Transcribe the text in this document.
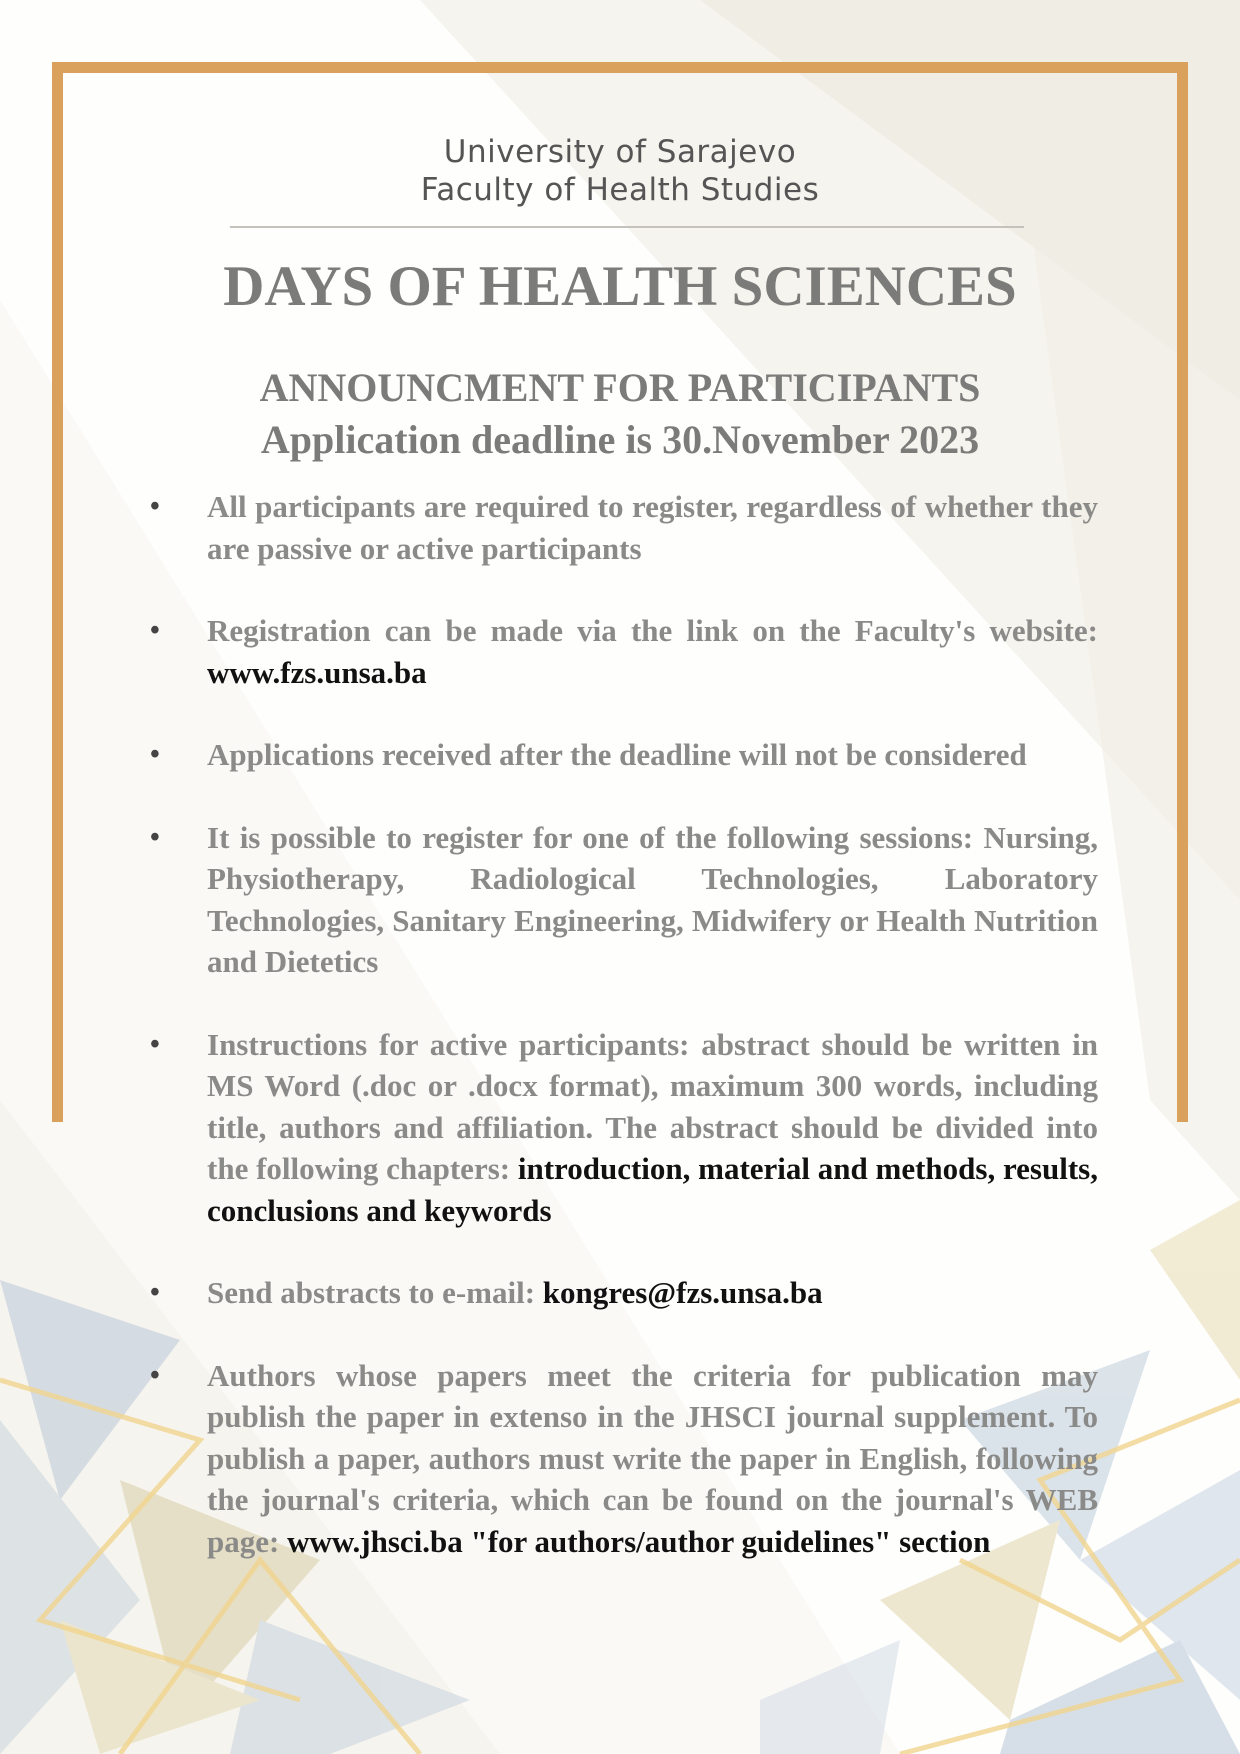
University of Sarajevo
Faculty of Health Studies
DAYS OF HEALTH SCIENCES
ANNOUNCMENT FOR PARTICIPANTS
Application deadline is 30.November 2023
• All participants are required to register, regardless of whether they are passive or active participants
• Registration can be made via the link on the Faculty's website: www.fzs.unsa.ba
• Applications received after the deadline will not be considered
• It is possible to register for one of the following sessions: Nursing, Physiotherapy, Radiological Technologies, Laboratory Technologies, Sanitary Engineering, Midwifery or Health Nutrition and Dietetics
• Instructions for active participants: abstract should be written in MS Word (.doc or .docx format), maximum 300 words, including title, authors and affiliation. The abstract should be divided into the following chapters: introduction, material and methods, results, conclusions and keywords
• Send abstracts to e-mail: kongres@fzs.unsa.ba
• Authors whose papers meet the criteria for publication may publish the paper in extenso in the JHSCI journal supplement. To publish a paper, authors must write the paper in English, following the journal's criteria, which can be found on the journal's WEB page: www.jhsci.ba "for authors/author guidelines" section
